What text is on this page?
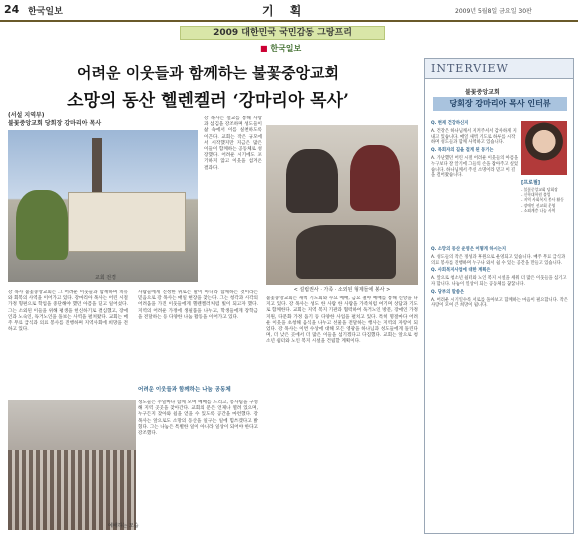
24 한국일보	기 획	2009년 5월8일 금요일 30판
2009 대한민국 국민감동 그랑프리
■ 한국일보
어려운 이웃들과 함께하는 불꽃중앙교회
소망의 동산 헬렌켈러 ‘강마리아 목사’
(서설 지역부)
불꽃중앙교회 당회장 강마리아 목사
교회 전경
< 설립권사 · 가족 · 소외된 형제들에 봉사 >
예배하는 모습
강 목사는 설교를 통해 사랑과 섬김을 강조하며 성도들이 삶 속에서 이를 실천하도록 이끈다. 교회는 작은 규모에서 시작했지만 지금은 많은 이들이 함께하는 공동체로 성장했다. 어려운 시기에도 포기하지 않고 이웃을 섬겨온 결과다.
강 목사 불꽃중앙교회는 그 어려운 이웃들과 함께하며 치유와 회복의 사역을 이어가고 있다. 강마리아 목사는 어린 시절 가정 형편으로 학업을 중단해야 했던 아픔을 딛고 일어섰다. 그는 소외된 이들을 위해 평생을 헌신하기로 결심했고, 장애인과 노숙인, 독거노인을 돌보는 사역을 펼쳐왔다. 교회는 매주 무료 급식과 의료 봉사를 진행하며 지역사회에 희망을 전하고 있다.
사람들에게 진정한 위로는 말이 아니라 함께하는 것이라는 믿음으로 강 목사는 매일 현장을 찾는다. 그는 청각과 시각의 어려움을 가진 이웃들에게 헬렌켈러처럼 빛이 되고자 했다. 지역의 어려운 가정에 생필품을 나누고, 학생들에게 장학금을 전달하는 등 다양한 나눔 활동을 이어가고 있다.
어려운 이웃들과 함께하는 나눔 공동체
성도들은 주일마다 함께 모여 예배를 드리고, 봉사팀을 구성해 지역 곳곳을 찾아간다. 교회의 문은 언제나 열려 있으며, 누구든지 찾아와 쉼을 얻을 수 있도록 공간을 마련했다. 강 목사는 앞으로도 소망의 동산을 일구는 일에 힘쓰겠다고 밝혔다. 그는 나눔은 특별한 일이 아니라 일상이 되어야 한다고 강조했다.
불꽃중앙교회는 새벽 기도회와 수요 예배, 금요 철야 예배를 통해 신앙을 다지고 있다. 강 목사는 성도 한 사람 한 사람을 가족처럼 여기며 상담과 기도로 함께한다. 교회는 지역 복지 기관과 협력하여 독거노인 방문, 장애인 가정 지원, 다문화 가정 돕기 등 다양한 사업을 펼치고 있다. 특히 명절마다 어려운 이웃을 초청해 음식을 나누고 선물을 전달하는 행사는 지역의 자랑이 되었다. 강 목사는 이번 수상에 대해 모든 영광을 하나님과 성도들에게 돌린다며, 더 낮은 곳에서 더 많은 이들을 섬기겠다고 다짐했다. 교회는 앞으로 청소년 쉼터와 노인 복지 시설을 건립할 계획이다.
INTERVIEW
불꽃중앙교회
당회장 강마리아 목사 인터뷰
[프로필]
- 불꽃중앙교회 당회장
- 신학대학원 졸업
- 지역 사회복지 봉사 활동
- 장애인 선교회 운영
- 소외계층 나눔 사역
Q. 현재 건강하신지
A. 건강은 하나님께서 지켜주셔서 감사하게 지내고 있습니다. 매일 새벽 기도로 하루를 시작하며 성도들과 함께 사역하고 있습니다.
Q. 목회자의 길을 걸게 된 동기는
A. 가난했던 어린 시절 어려운 이웃들의 아픔을 누구보다 잘 알기에 그들의 손을 잡아주고 싶었습니다. 하나님께서 주신 소명이라 믿고 이 길을 걸어왔습니다.
Q. 소망의 동산 운영은 어떻게 하시는지
A. 성도들의 작은 정성과 후원으로 운영되고 있습니다. 매주 무료 급식과 의료 봉사를 진행하며 누구나 와서 쉴 수 있는 공간을 만들고 있습니다.
Q. 사회복지사업에 대한 계획은
A. 앞으로 청소년 쉼터와 노인 복지 시설을 세워 더 많은 이웃들을 섬기고자 합니다. 나눔이 일상이 되는 공동체를 꿈꿉니다.
Q. 당부의 말씀은
A. 어려운 시기일수록 서로를 돌아보고 함께하는 마음이 필요합니다. 작은 사랑이 모여 큰 희망이 됩니다.
